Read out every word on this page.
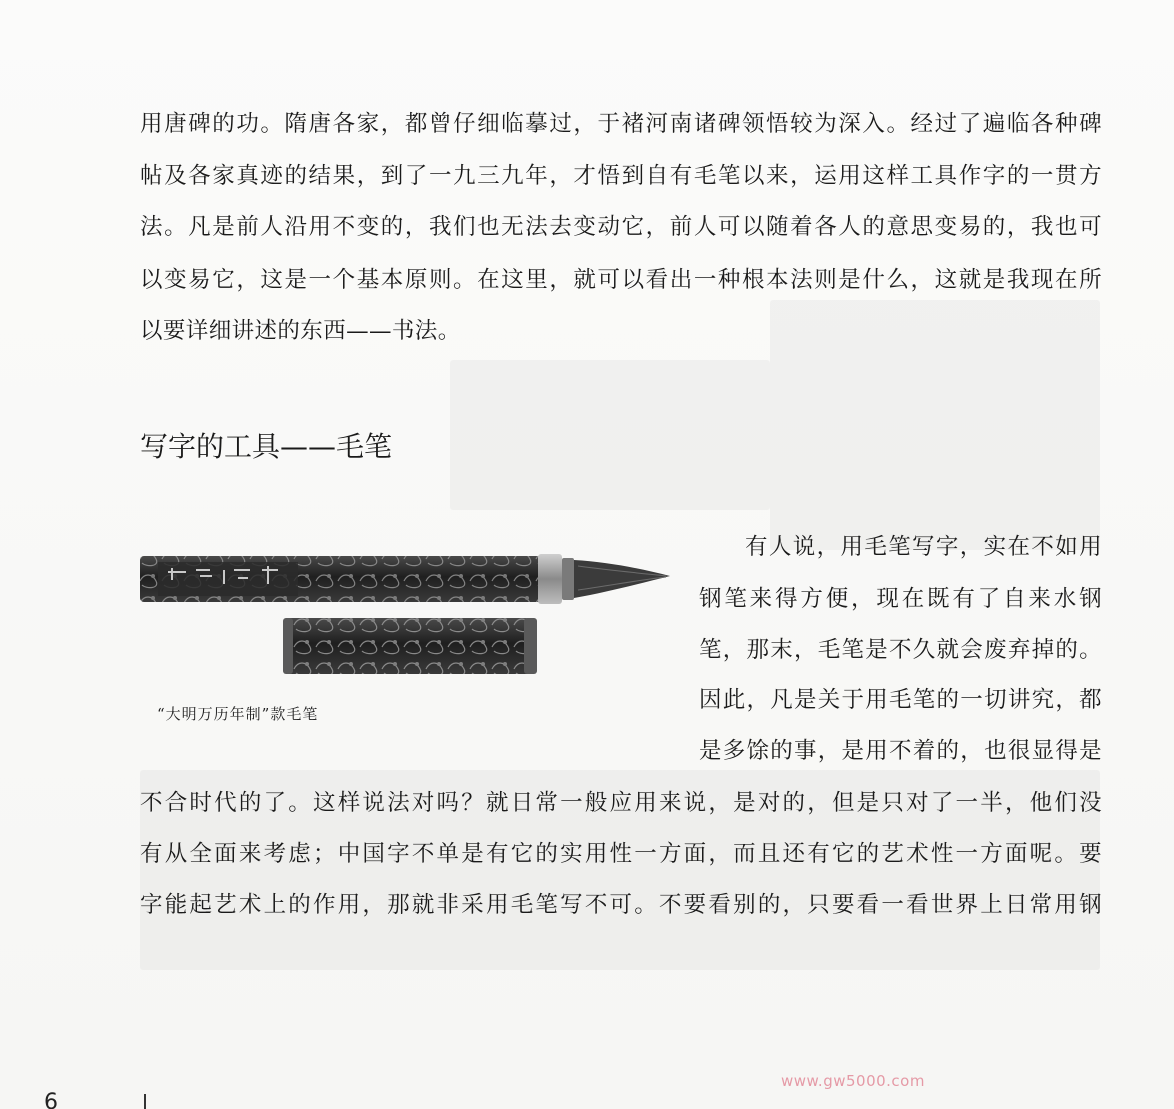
用唐碑的功。隋唐各家，都曾仔细临摹过，于褚河南诸碑领悟较为深入。经过了遍临各种碑
帖及各家真迹的结果，到了一九三九年，才悟到自有毛笔以来，运用这样工具作字的一贯方
法。凡是前人沿用不变的，我们也无法去变动它，前人可以随着各人的意思变易的，我也可
以变易它，这是一个基本原则。在这里，就可以看出一种根本法则是什么，这就是我现在所
以要详细讲述的东西——书法。
写字的工具——毛笔
“大明万历年制”款毛笔
有人说，用毛笔写字，实在不如用
钢笔来得方便，现在既有了自来水钢
笔，那末，毛笔是不久就会废弃掉的。
因此，凡是关于用毛笔的一切讲究，都
是多馀的事，是用不着的，也很显得是
不合时代的了。这样说法对吗？就日常一般应用来说，是对的，但是只对了一半，他们没
有从全面来考虑；中国字不单是有它的实用性一方面，而且还有它的艺术性一方面呢。要
字能起艺术上的作用，那就非采用毛笔写不可。不要看别的，只要看一看世界上日常用钢
www.gw5000.com
6
